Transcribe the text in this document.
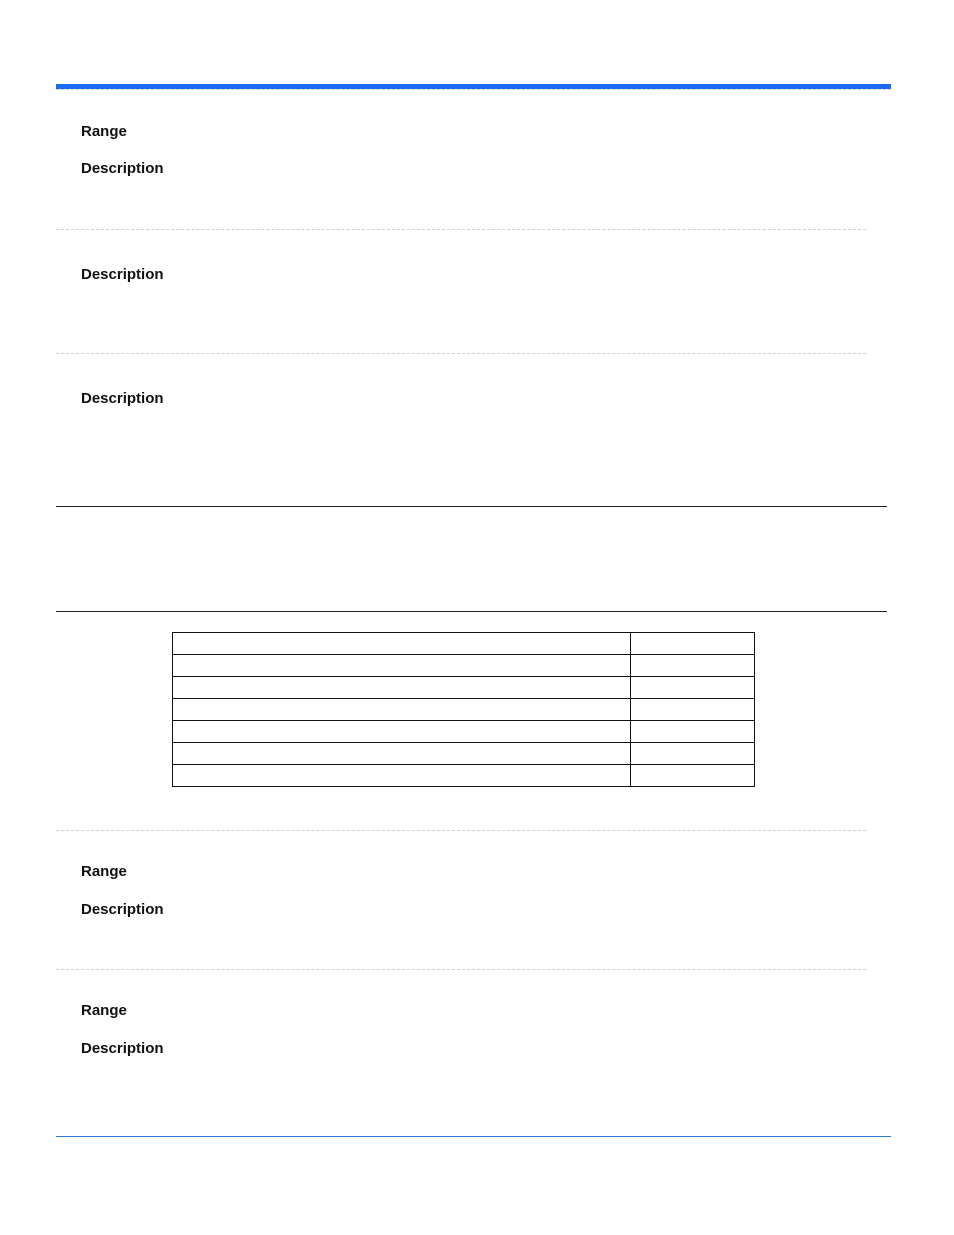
Range
Description
Description
Description

Range
Description
Range
Description
